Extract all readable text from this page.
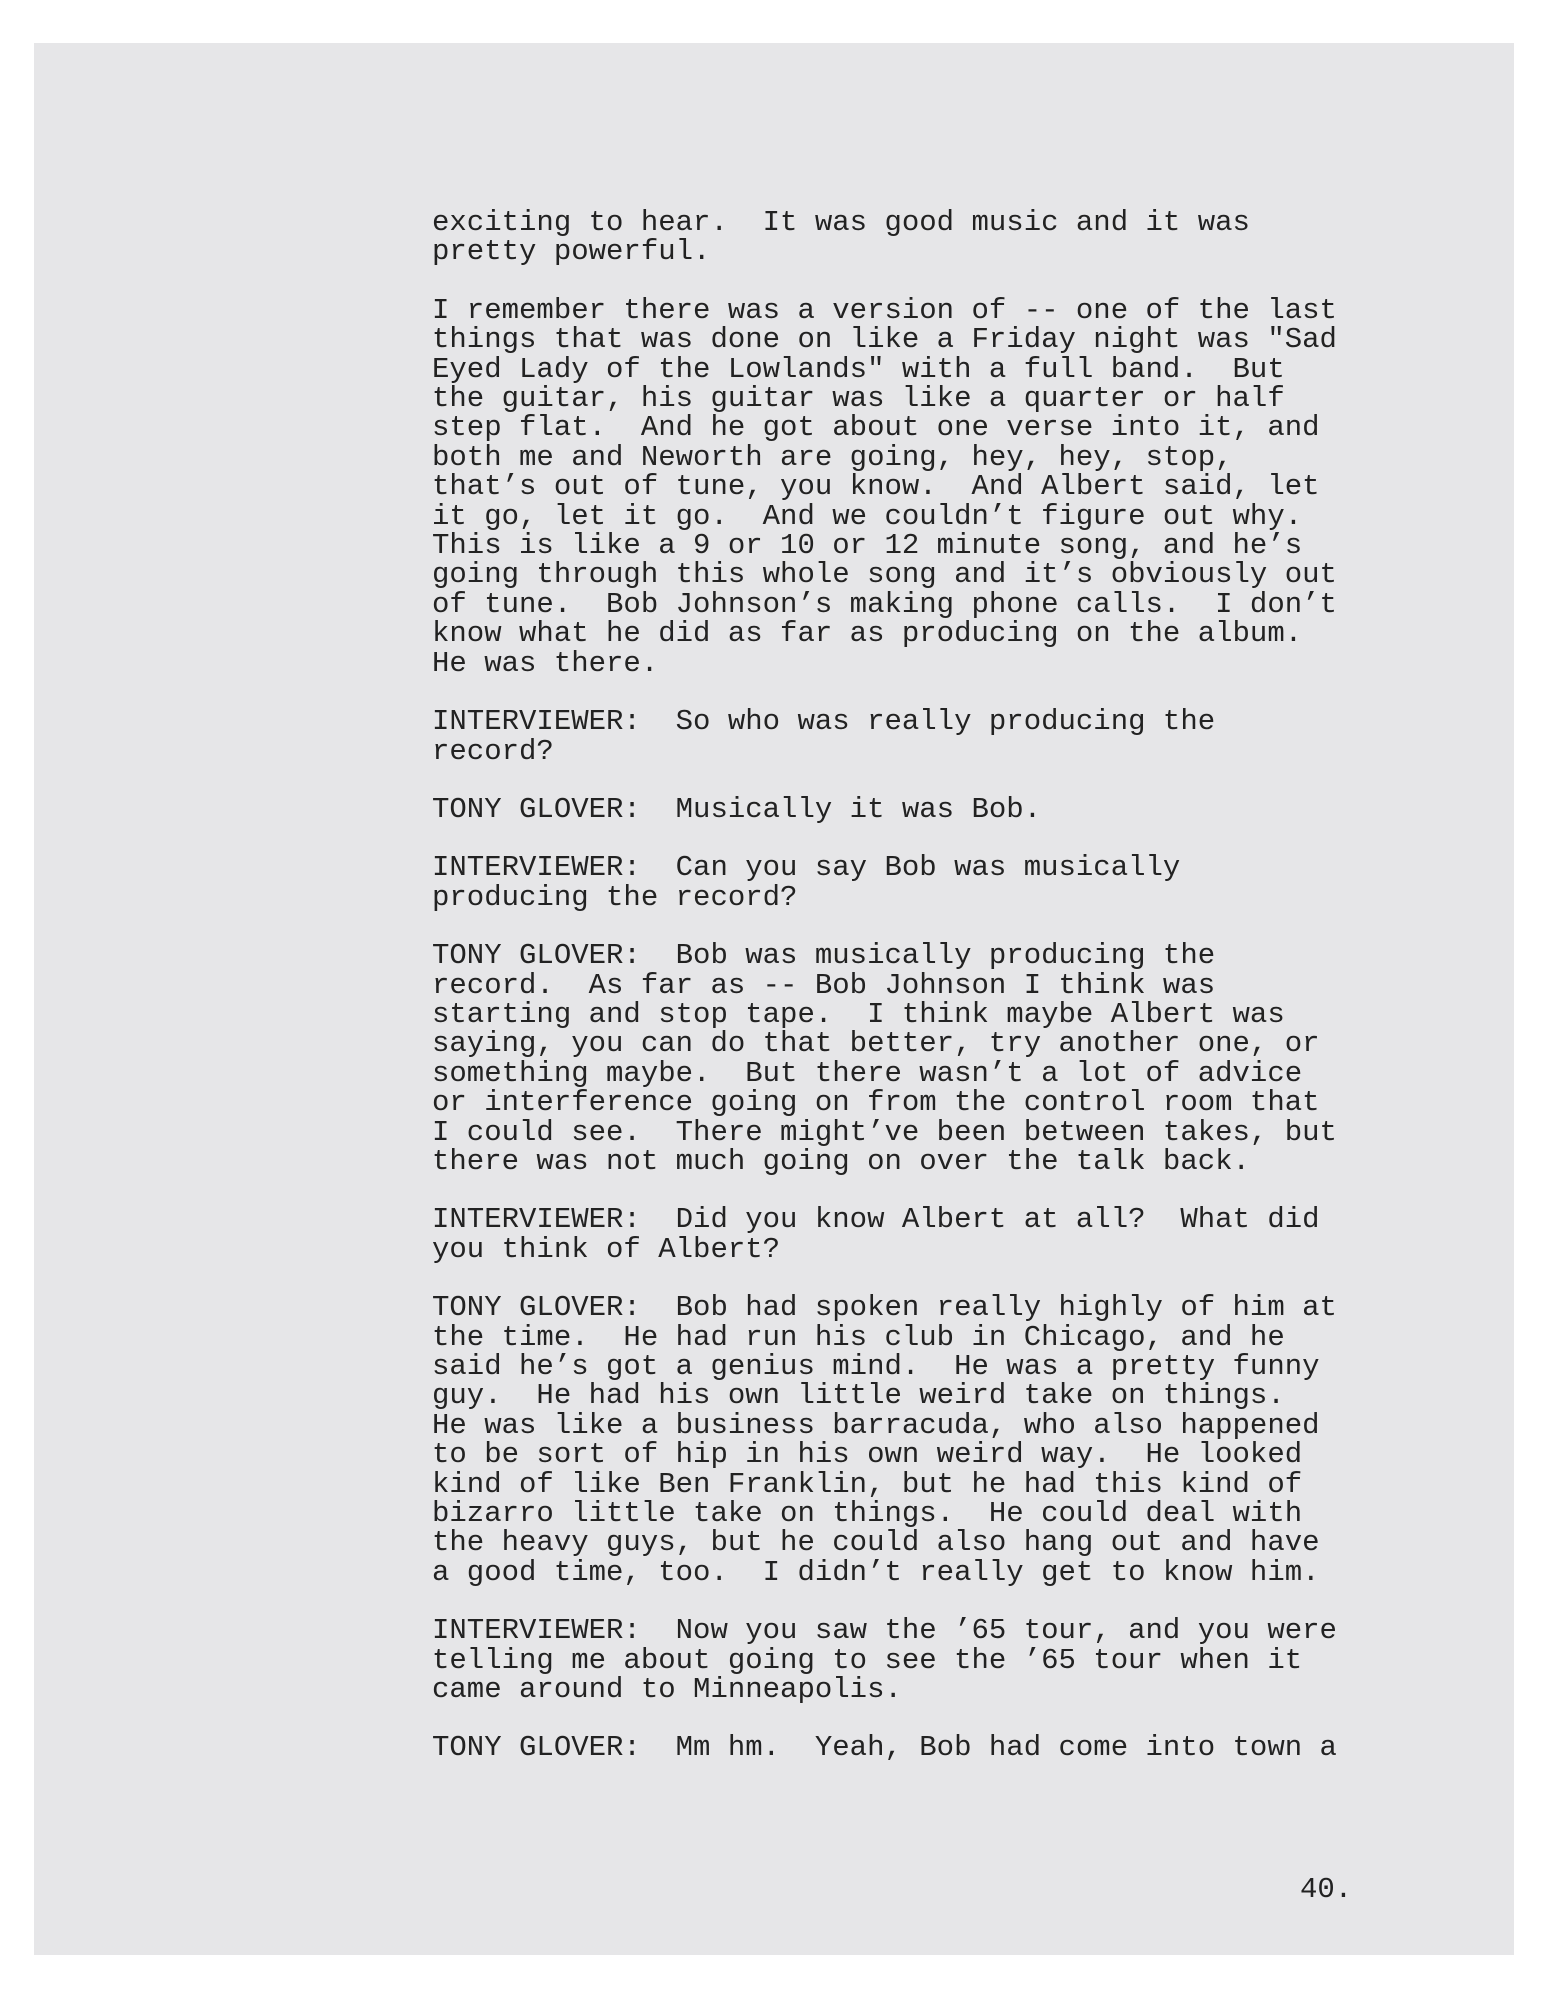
exciting to hear.  It was good music and it was
pretty powerful.

I remember there was a version of -- one of the last
things that was done on like a Friday night was "Sad
Eyed Lady of the Lowlands" with a full band.  But
the guitar, his guitar was like a quarter or half
step flat.  And he got about one verse into it, and
both me and Neworth are going, hey, hey, stop,
that’s out of tune, you know.  And Albert said, let
it go, let it go.  And we couldn’t figure out why.
This is like a 9 or 10 or 12 minute song, and he’s
going through this whole song and it’s obviously out
of tune.  Bob Johnson’s making phone calls.  I don’t
know what he did as far as producing on the album.
He was there.

INTERVIEWER:  So who was really producing the
record?

TONY GLOVER:  Musically it was Bob.

INTERVIEWER:  Can you say Bob was musically
producing the record?

TONY GLOVER:  Bob was musically producing the
record.  As far as -- Bob Johnson I think was
starting and stop tape.  I think maybe Albert was
saying, you can do that better, try another one, or
something maybe.  But there wasn’t a lot of advice
or interference going on from the control room that
I could see.  There might’ve been between takes, but
there was not much going on over the talk back.

INTERVIEWER:  Did you know Albert at all?  What did
you think of Albert?

TONY GLOVER:  Bob had spoken really highly of him at
the time.  He had run his club in Chicago, and he
said he’s got a genius mind.  He was a pretty funny
guy.  He had his own little weird take on things.
He was like a business barracuda, who also happened
to be sort of hip in his own weird way.  He looked
kind of like Ben Franklin, but he had this kind of
bizarro little take on things.  He could deal with
the heavy guys, but he could also hang out and have
a good time, too.  I didn’t really get to know him.

INTERVIEWER:  Now you saw the ’65 tour, and you were
telling me about going to see the ’65 tour when it
came around to Minneapolis.

TONY GLOVER:  Mm hm.  Yeah, Bob had come into town a

40.
